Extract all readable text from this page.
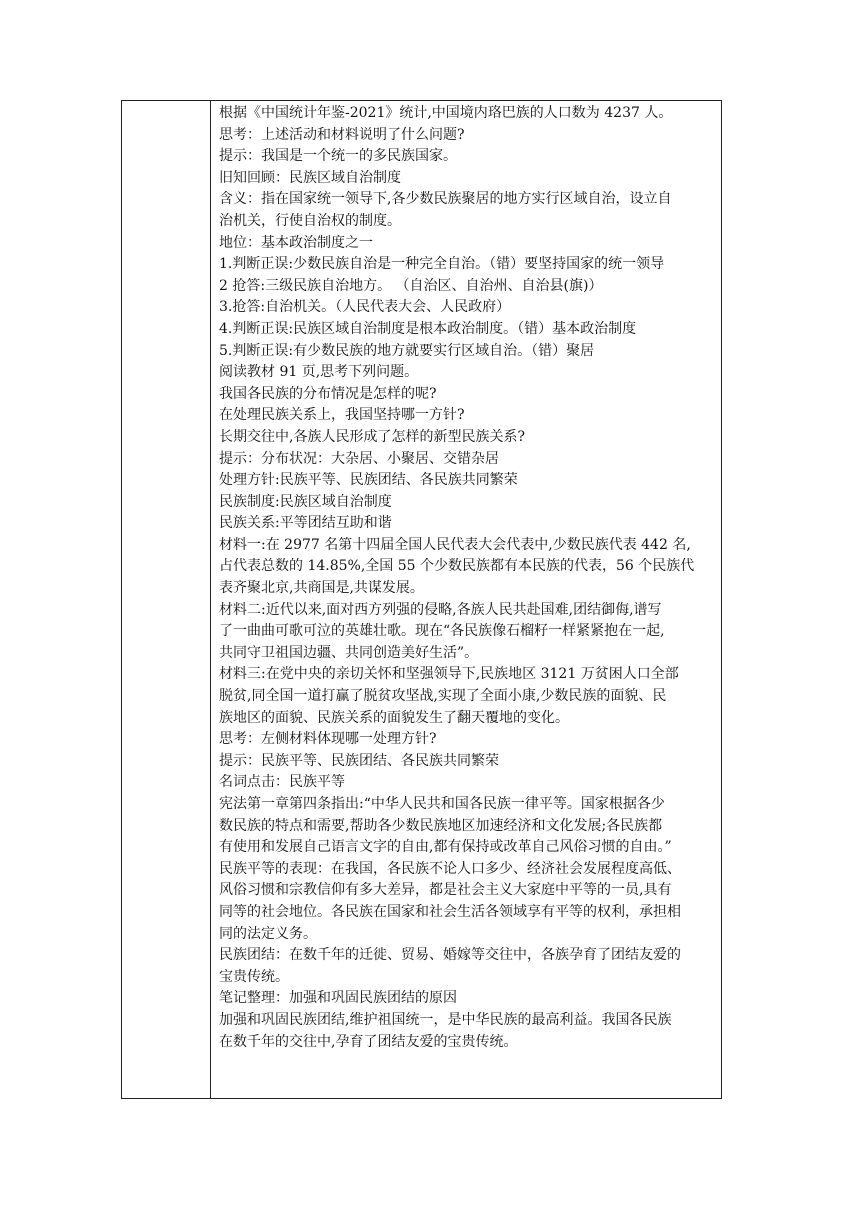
根据《中国统计年鉴-2021》统计,中国境内珞巴族的人口数为 4237 人。
思考：上述活动和材料说明了什么问题?
提示：我国是一个统一的多民族国家。
旧知回顾：民族区域自治制度
含义：指在国家统一领导下,各少数民族聚居的地方实行区域自治，设立自
治机关，行使自治权的制度。
地位：基本政治制度之一
1.判断正误:少数民族自治是一种完全自治。（错）要坚持国家的统一领导
2 抢答:三级民族自治地方。 （自治区、自治州、自治县(旗)）
3.抢答:自治机关。（人民代表大会、人民政府）
4.判断正误:民族区域自治制度是根本政治制度。（错）基本政治制度
5.判断正误:有少数民族的地方就要实行区域自治。（错）聚居
阅读教材 91 页,思考下列问题。
我国各民族的分布情况是怎样的呢?
在处理民族关系上，我国坚持哪一方针?
长期交往中,各族人民形成了怎样的新型民族关系?
提示：分布状况：大杂居、小聚居、交错杂居
处理方针:民族平等、民族团结、各民族共同繁荣
民族制度:民族区域自治制度
民族关系:平等团结互助和谐
材料一:在 2977 名第十四届全国人民代表大会代表中,少数民族代表 442 名,
占代表总数的 14.85%,全国 55 个少数民族都有本民族的代表，56 个民族代
表齐聚北京,共商国是,共谋发展。
材料二:近代以来,面对西方列强的侵略,各族人民共赴国难,团结御侮,谱写
了一曲曲可歌可泣的英雄壮歌。现在“各民族像石榴籽一样紧紧抱在一起,
共同守卫祖国边疆、共同创造美好生活”。
材料三:在党中央的亲切关怀和坚强领导下,民族地区 3121 万贫困人口全部
脱贫,同全国一道打赢了脱贫攻坚战,实现了全面小康,少数民族的面貌、民
族地区的面貌、民族关系的面貌发生了翻天覆地的变化。
思考：左侧材料体现哪一处理方针?
提示：民族平等、民族团结、各民族共同繁荣
名词点击：民族平等
宪法第一章第四条指出:“中华人民共和国各民族一律平等。国家根据各少
数民族的特点和需要,帮助各少数民族地区加速经济和文化发展;各民族都
有使用和发展自己语言文字的自由,都有保持或改革自己风俗习惯的自由。”
民族平等的表现：在我国，各民族不论人口多少、经济社会发展程度高低、
风俗习惯和宗教信仰有多大差异，都是社会主义大家庭中平等的一员,具有
同等的社会地位。各民族在国家和社会生活各领域享有平等的权利，承担相
同的法定义务。
民族团结：在数千年的迁徙、贸易、婚嫁等交往中，各族孕育了团结友爱的
宝贵传统。
笔记整理：加强和巩固民族团结的原因
加强和巩固民族团结,维护祖国统一，是中华民族的最高利益。我国各民族
在数千年的交往中,孕育了团结友爱的宝贵传统。
